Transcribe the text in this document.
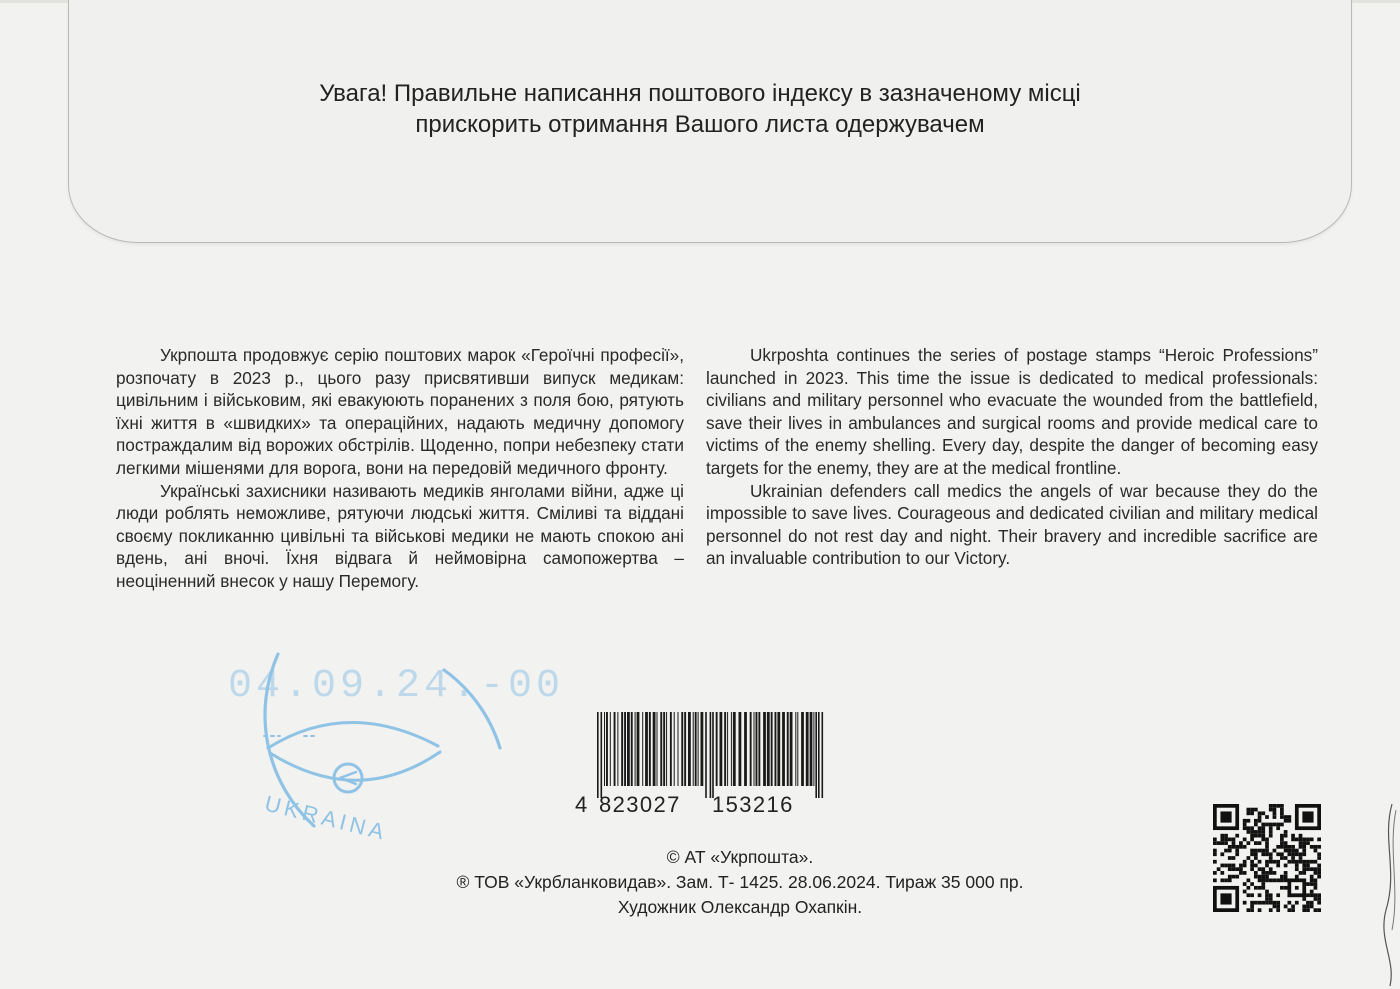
Увага! Правильне написання поштового індексу в зазначеному місці
прискорить отримання Вашого листа одержувачем

Укрпошта продовжує серію поштових марок «Героїчні професії», розпочату в 2023 р., цього разу присвятивши випуск медикам: цивільним і військовим, які евакуюють поранених з поля бою, рятують їхні життя в «швидких» та операційних, надають медичну допомогу постраждалим від ворожих обстрілів. Щоденно, попри небезпеку стати легкими мішенями для ворога, вони на передовій медичного фронту.

Українські захисники називають медиків янголами війни, адже ці люди роблять неможливе, рятуючи людські життя. Сміливі та віддані своєму покликанню цивільні та військові медики не мають спокою ані вдень, ані вночі. Їхня відвага й неймовірна самопожертва – неоціненний внесок у нашу Перемогу.

Ukrposhta continues the series of postage stamps “Heroic Professions” launched in 2023. This time the issue is dedicated to medical professionals: civilians and military personnel who evacuate the wounded from the battlefield, save their lives in ambulances and surgical rooms and provide medical care to victims of the enemy shelling. Every day, despite the danger of becoming easy targets for the enemy, they are at the medical frontline.

Ukrainian defenders call medics the angels of war because they do the impossible to save lives. Courageous and dedicated civilian and military medical personnel do not rest day and night. Their bravery and incredible sacrifice are an invaluable contribution to our Victory.

04.09.24.-00
UKRAINA	4 823027 153216
© АТ «Укрпошта».
® ТОВ «Укрбланковидав». Зам. Т- 1425. 28.06.2024. Тираж 35 000 пр.
Художник Олександр Охапкін.
